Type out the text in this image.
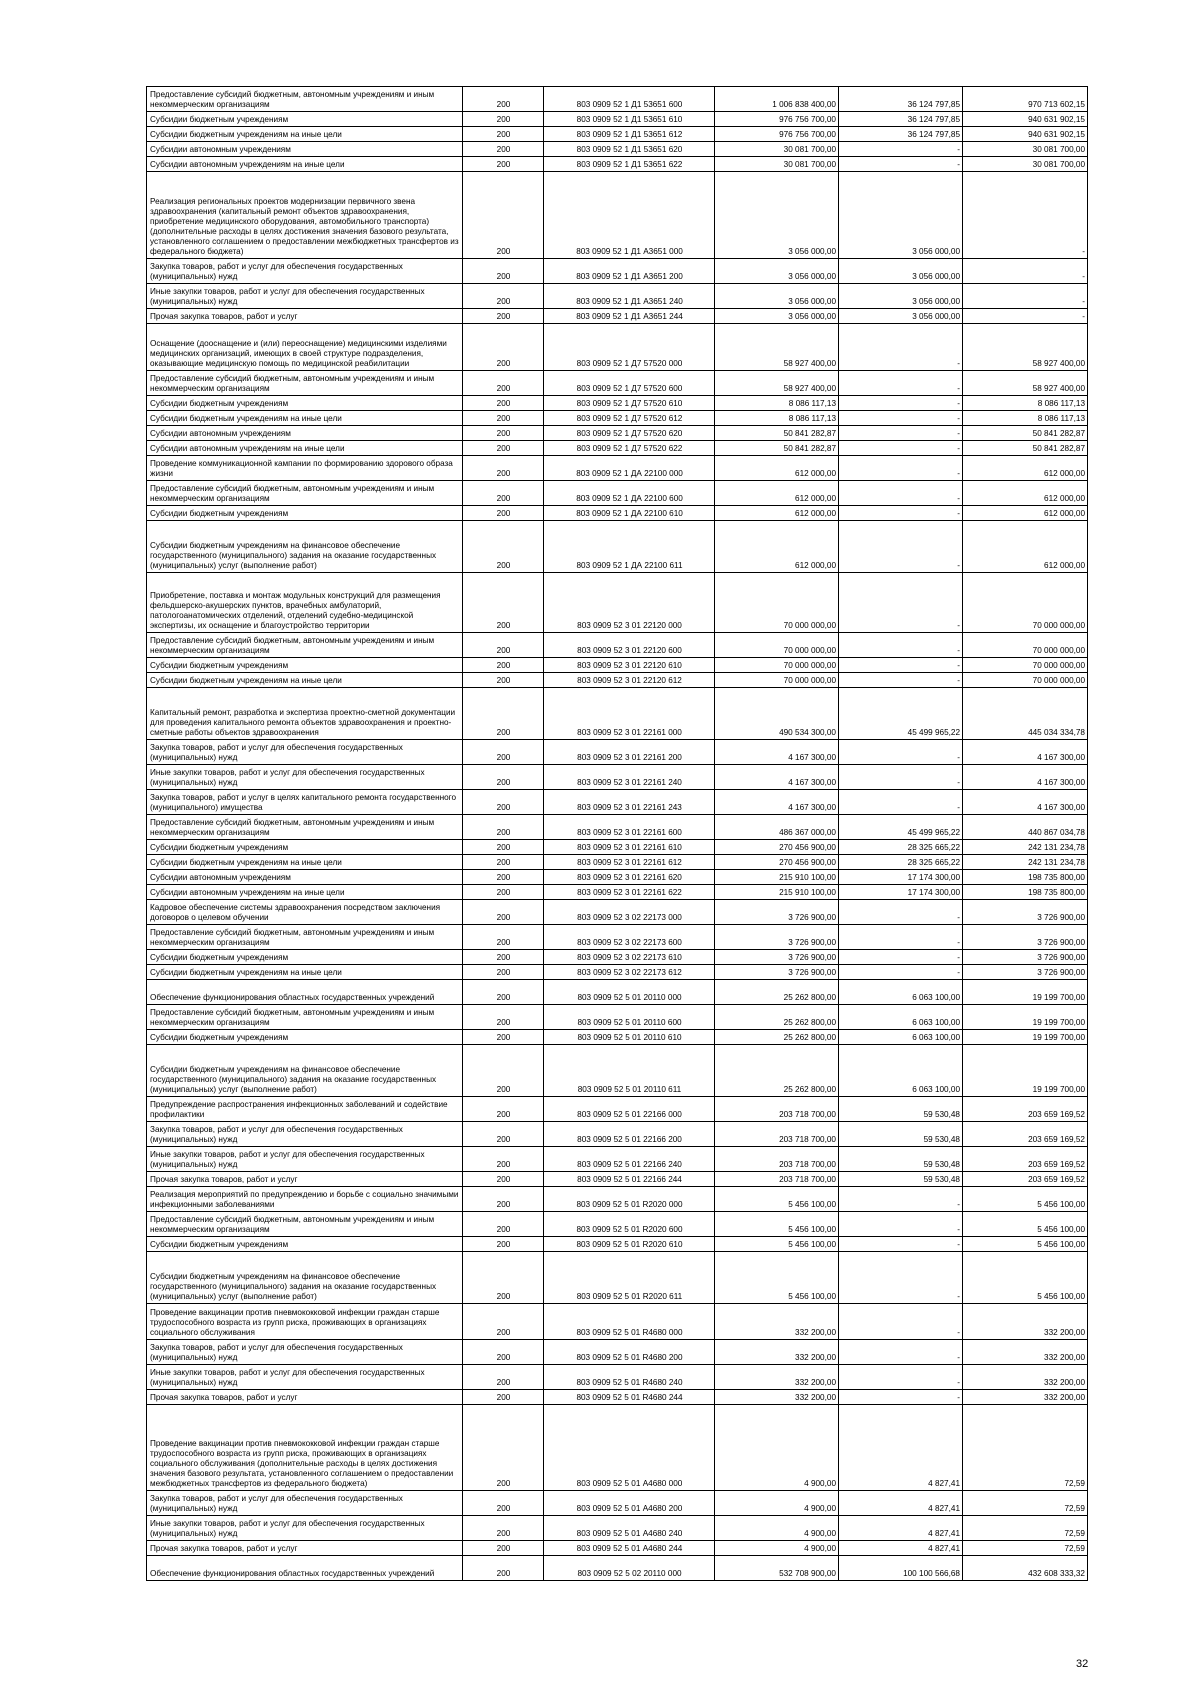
Предоставление субсидий бюджетным, автономным учреждениям и иным некоммерческим организациям	200	803 0909 52 1 Д1 53651 600	1 006 838 400,00	36 124 797,85	970 713 602,15
Субсидии бюджетным учреждениям	200	803 0909 52 1 Д1 53651 610	976 756 700,00	36 124 797,85	940 631 902,15
Субсидии бюджетным учреждениям на иные цели	200	803 0909 52 1 Д1 53651 612	976 756 700,00	36 124 797,85	940 631 902,15
Субсидии автономным учреждениям	200	803 0909 52 1 Д1 53651 620	30 081 700,00	-	30 081 700,00
Субсидии автономным учреждениям на иные цели	200	803 0909 52 1 Д1 53651 622	30 081 700,00	-	30 081 700,00
Реализация региональных проектов модернизации первичного звена здравоохранения (капитальный ремонт объектов здравоохранения, приобретение медицинского оборудования, автомобильного транспорта) (дополнительные расходы в целях достижения значения базового результата, установленного соглашением о предоставлении межбюджетных трансфертов из федерального бюджета)	200	803 0909 52 1 Д1 А3651 000	3 056 000,00	3 056 000,00	-
Закупка товаров, работ и услуг для обеспечения государственных (муниципальных) нужд	200	803 0909 52 1 Д1 А3651 200	3 056 000,00	3 056 000,00	-
Иные закупки товаров, работ и услуг для обеспечения государственных (муниципальных) нужд	200	803 0909 52 1 Д1 А3651 240	3 056 000,00	3 056 000,00	-
Прочая закупка товаров, работ и услуг	200	803 0909 52 1 Д1 А3651 244	3 056 000,00	3 056 000,00	-
Оснащение (дооснащение и (или) переоснащение) медицинскими изделиями медицинских организаций, имеющих в своей структуре подразделения, оказывающие медицинскую помощь по медицинской реабилитации	200	803 0909 52 1 Д7 57520 000	58 927 400,00	-	58 927 400,00
Предоставление субсидий бюджетным, автономным учреждениям и иным некоммерческим организациям	200	803 0909 52 1 Д7 57520 600	58 927 400,00	-	58 927 400,00
Субсидии бюджетным учреждениям	200	803 0909 52 1 Д7 57520 610	8 086 117,13	-	8 086 117,13
Субсидии бюджетным учреждениям на иные цели	200	803 0909 52 1 Д7 57520 612	8 086 117,13	-	8 086 117,13
Субсидии автономным учреждениям	200	803 0909 52 1 Д7 57520 620	50 841 282,87	-	50 841 282,87
Субсидии автономным учреждениям на иные цели	200	803 0909 52 1 Д7 57520 622	50 841 282,87	-	50 841 282,87
Проведение коммуникационной кампании по формированию здорового образа жизни	200	803 0909 52 1 ДА 22100 000	612 000,00	-	612 000,00
Предоставление субсидий бюджетным, автономным учреждениям и иным некоммерческим организациям	200	803 0909 52 1 ДА 22100 600	612 000,00	-	612 000,00
Субсидии бюджетным учреждениям	200	803 0909 52 1 ДА 22100 610	612 000,00	-	612 000,00
Субсидии бюджетным учреждениям на финансовое обеспечение государственного (муниципального) задания на оказание государственных (муниципальных) услуг (выполнение работ)	200	803 0909 52 1 ДА 22100 611	612 000,00	-	612 000,00
Приобретение, поставка и монтаж модульных конструкций для размещения фельдшерско-акушерских пунктов, врачебных амбулаторий, патологоанатомических отделений, отделений судебно-медицинской экспертизы, их оснащение и благоустройство территории	200	803 0909 52 3 01 22120 000	70 000 000,00	-	70 000 000,00
Предоставление субсидий бюджетным, автономным учреждениям и иным некоммерческим организациям	200	803 0909 52 3 01 22120 600	70 000 000,00	-	70 000 000,00
Субсидии бюджетным учреждениям	200	803 0909 52 3 01 22120 610	70 000 000,00	-	70 000 000,00
Субсидии бюджетным учреждениям на иные цели	200	803 0909 52 3 01 22120 612	70 000 000,00	-	70 000 000,00
Капитальный ремонт, разработка и экспертиза проектно-сметной документации для проведения капитального ремонта объектов здравоохранения и проектно-сметные работы объектов здравоохранения	200	803 0909 52 3 01 22161 000	490 534 300,00	45 499 965,22	445 034 334,78
Закупка товаров, работ и услуг для обеспечения государственных (муниципальных) нужд	200	803 0909 52 3 01 22161 200	4 167 300,00	-	4 167 300,00
Иные закупки товаров, работ и услуг для обеспечения государственных (муниципальных) нужд	200	803 0909 52 3 01 22161 240	4 167 300,00	-	4 167 300,00
Закупка товаров, работ и услуг в целях капитального ремонта государственного (муниципального) имущества	200	803 0909 52 3 01 22161 243	4 167 300,00	-	4 167 300,00
Предоставление субсидий бюджетным, автономным учреждениям и иным некоммерческим организациям	200	803 0909 52 3 01 22161 600	486 367 000,00	45 499 965,22	440 867 034,78
Субсидии бюджетным учреждениям	200	803 0909 52 3 01 22161 610	270 456 900,00	28 325 665,22	242 131 234,78
Субсидии бюджетным учреждениям на иные цели	200	803 0909 52 3 01 22161 612	270 456 900,00	28 325 665,22	242 131 234,78
Субсидии автономным учреждениям	200	803 0909 52 3 01 22161 620	215 910 100,00	17 174 300,00	198 735 800,00
Субсидии автономным учреждениям на иные цели	200	803 0909 52 3 01 22161 622	215 910 100,00	17 174 300,00	198 735 800,00
Кадровое обеспечение системы здравоохранения посредством заключения договоров о целевом обучении	200	803 0909 52 3 02 22173 000	3 726 900,00	-	3 726 900,00
Предоставление субсидий бюджетным, автономным учреждениям и иным некоммерческим организациям	200	803 0909 52 3 02 22173 600	3 726 900,00	-	3 726 900,00
Субсидии бюджетным учреждениям	200	803 0909 52 3 02 22173 610	3 726 900,00	-	3 726 900,00
Субсидии бюджетным учреждениям на иные цели	200	803 0909 52 3 02 22173 612	3 726 900,00	-	3 726 900,00
Обеспечение функционирования областных государственных учреждений	200	803 0909 52 5 01 20110 000	25 262 800,00	6 063 100,00	19 199 700,00
Предоставление субсидий бюджетным, автономным учреждениям и иным некоммерческим организациям	200	803 0909 52 5 01 20110 600	25 262 800,00	6 063 100,00	19 199 700,00
Субсидии бюджетным учреждениям	200	803 0909 52 5 01 20110 610	25 262 800,00	6 063 100,00	19 199 700,00
Субсидии бюджетным учреждениям на финансовое обеспечение государственного (муниципального) задания на оказание государственных (муниципальных) услуг (выполнение работ)	200	803 0909 52 5 01 20110 611	25 262 800,00	6 063 100,00	19 199 700,00
Предупреждение распространения инфекционных заболеваний и содействие профилактики	200	803 0909 52 5 01 22166 000	203 718 700,00	59 530,48	203 659 169,52
Закупка товаров, работ и услуг для обеспечения государственных (муниципальных) нужд	200	803 0909 52 5 01 22166 200	203 718 700,00	59 530,48	203 659 169,52
Иные закупки товаров, работ и услуг для обеспечения государственных (муниципальных) нужд	200	803 0909 52 5 01 22166 240	203 718 700,00	59 530,48	203 659 169,52
Прочая закупка товаров, работ и услуг	200	803 0909 52 5 01 22166 244	203 718 700,00	59 530,48	203 659 169,52
Реализация мероприятий по предупреждению и борьбе с социально значимыми инфекционными заболеваниями	200	803 0909 52 5 01 R2020 000	5 456 100,00	-	5 456 100,00
Предоставление субсидий бюджетным, автономным учреждениям и иным некоммерческим организациям	200	803 0909 52 5 01 R2020 600	5 456 100,00	-	5 456 100,00
Субсидии бюджетным учреждениям	200	803 0909 52 5 01 R2020 610	5 456 100,00	-	5 456 100,00
Субсидии бюджетным учреждениям на финансовое обеспечение государственного (муниципального) задания на оказание государственных (муниципальных) услуг (выполнение работ)	200	803 0909 52 5 01 R2020 611	5 456 100,00	-	5 456 100,00
Проведение вакцинации против пневмококковой инфекции граждан старше трудоспособного возраста из групп риска, проживающих в организациях социального обслуживания	200	803 0909 52 5 01 R4680 000	332 200,00	-	332 200,00
Закупка товаров, работ и услуг для обеспечения государственных (муниципальных) нужд	200	803 0909 52 5 01 R4680 200	332 200,00	-	332 200,00
Иные закупки товаров, работ и услуг для обеспечения государственных (муниципальных) нужд	200	803 0909 52 5 01 R4680 240	332 200,00	-	332 200,00
Прочая закупка товаров, работ и услуг	200	803 0909 52 5 01 R4680 244	332 200,00	-	332 200,00
Проведение вакцинации против пневмококковой инфекции граждан старше трудоспособного возраста из групп риска, проживающих в организациях социального обслуживания (дополнительные расходы в целях достижения значения базового результата, установленного соглашением о предоставлении межбюджетных трансфертов из федерального бюджета)	200	803 0909 52 5 01 А4680 000	4 900,00	4 827,41	72,59
Закупка товаров, работ и услуг для обеспечения государственных (муниципальных) нужд	200	803 0909 52 5 01 А4680 200	4 900,00	4 827,41	72,59
Иные закупки товаров, работ и услуг для обеспечения государственных (муниципальных) нужд	200	803 0909 52 5 01 А4680 240	4 900,00	4 827,41	72,59
Прочая закупка товаров, работ и услуг	200	803 0909 52 5 01 А4680 244	4 900,00	4 827,41	72,59
Обеспечение функционирования областных государственных учреждений	200	803 0909 52 5 02 20110 000	532 708 900,00	100 100 566,68	432 608 333,32
32
